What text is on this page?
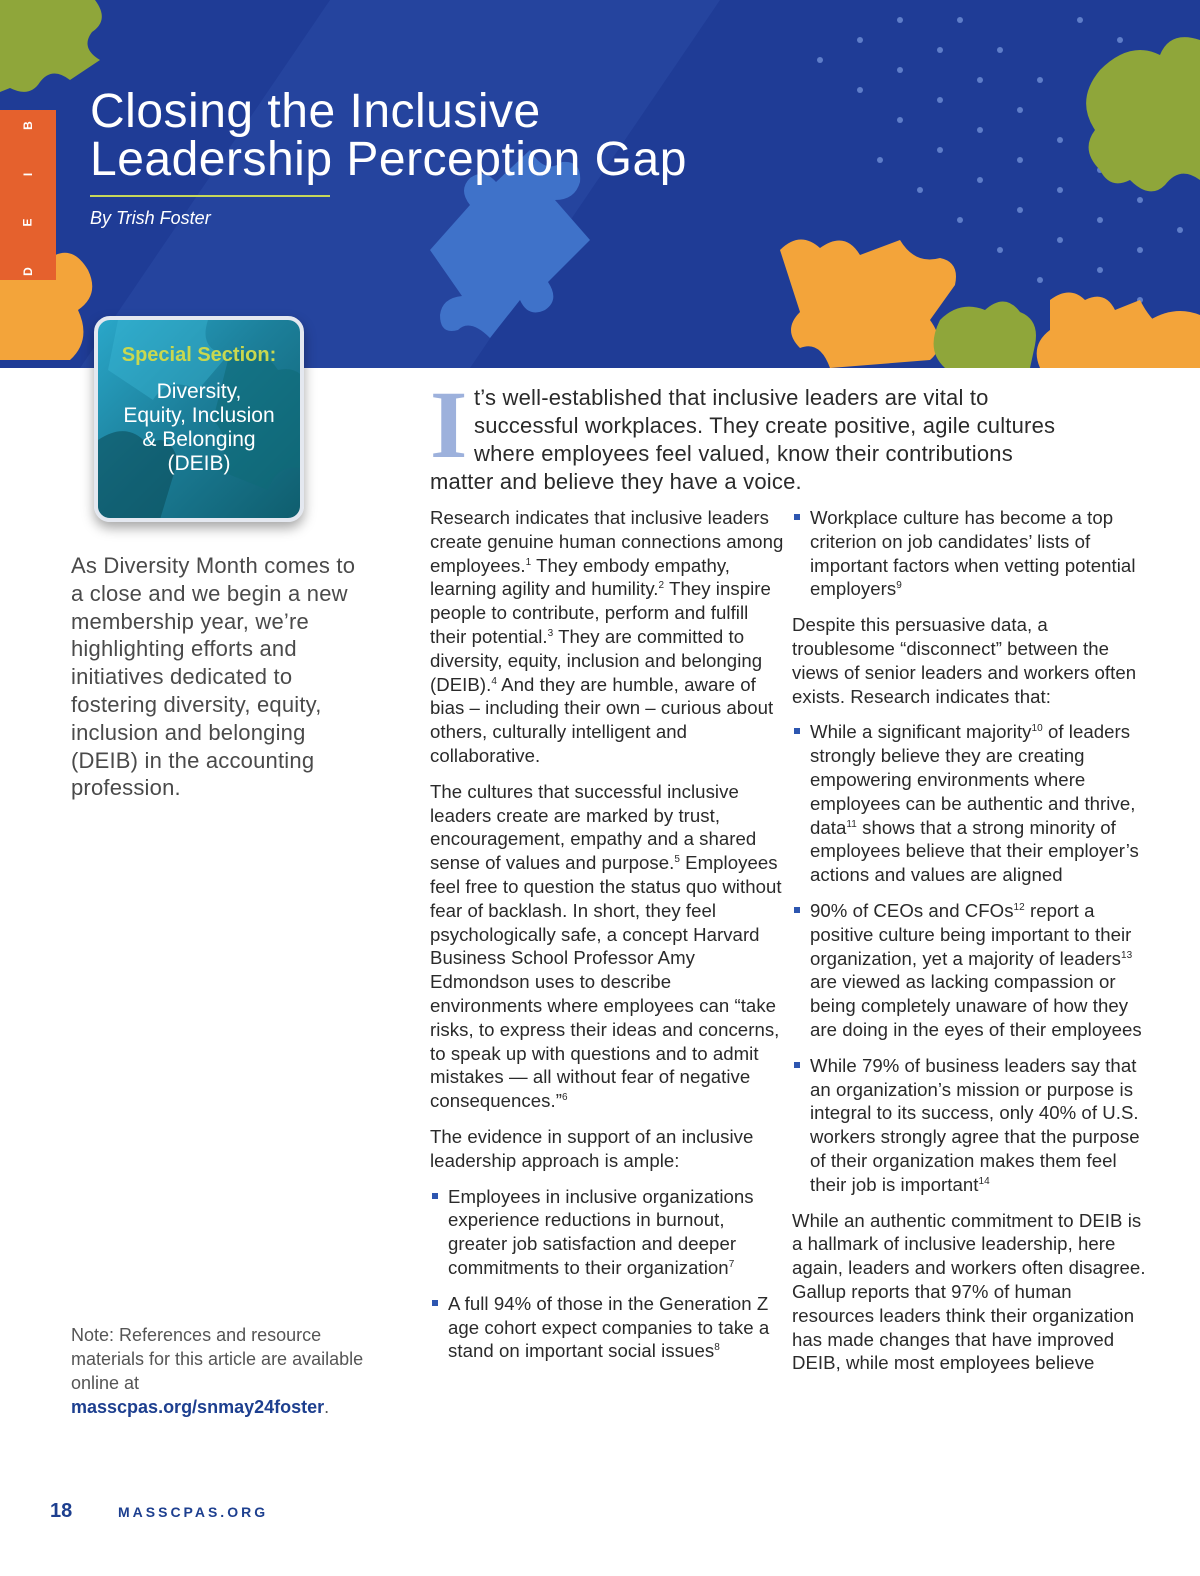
B
I
E
D
Closing the Inclusive
Leadership Perception Gap
By Trish Foster
Special Section:
Diversity,
Equity, Inclusion
& Belonging
(DEIB)

As Diversity Month comes to a close and we begin a new membership year, we’re highlighting efforts and initiatives dedicated to fostering diversity, equity, inclusion and belonging (DEIB) in the accounting profession.

Note: References and resource materials for this article are available online at masscpas.org/snmay24foster.

I t’s well-established that inclusive leaders are vital to
successful workplaces. They create positive, agile cultures
where employees feel valued, know their contributions
matter and believe they have a voice.

Research indicates that inclusive leaders create genuine human connections among employees.$^1$ They embody empathy, learning agility and humility.$^2$ They inspire people to contribute, perform and fulfill their potential.$^3$ They are committed to diversity, equity, inclusion and belonging (DEIB).$^4$ And they are humble, aware of bias – including their own – curious about others, culturally intelligent and collaborative.

The cultures that successful inclusive leaders create are marked by trust, encouragement, empathy and a shared sense of values and purpose.$^5$ Employees feel free to question the status quo without fear of backlash. In short, they feel psychologically safe, a concept Harvard Business School Professor Amy Edmondson uses to describe environments where employees can “take risks, to express their ideas and concerns, to speak up with questions and to admit mistakes — all without fear of negative consequences.”$^6$

The evidence in support of an inclusive leadership approach is ample:

Employees in inclusive organizations experience reductions in burnout, greater job satisfaction and deeper commitments to their organization$^7$
A full 94% of those in the Generation Z age cohort expect companies to take a stand on important social issues$^8$
Workplace culture has become a top criterion on job candidates’ lists of important factors when vetting potential employers$^9$

Despite this persuasive data, a troublesome “disconnect” between the views of senior leaders and workers often exists. Research indicates that:

While a significant majority$^{10}$ of leaders strongly believe they are creating empowering environments where employees can be authentic and thrive, data$^{11}$ shows that a strong minority of employees believe that their employer’s actions and values are aligned
90% of CEOs and CFOs$^{12}$ report a positive culture being important to their organization, yet a majority of leaders$^{13}$ are viewed as lacking compassion or being completely unaware of how they are doing in the eyes of their employees
While 79% of business leaders say that an organization’s mission or purpose is integral to its success, only 40% of U.S. workers strongly agree that the purpose of their organization makes them feel their job is important$^{14}$

While an authentic commitment to DEIB is a hallmark of inclusive leadership, here again, leaders and workers often disagree. Gallup reports that 97% of human resources leaders think their organization has made changes that have improved DEIB, while most employees believe

18	MASSCPAS.ORG
